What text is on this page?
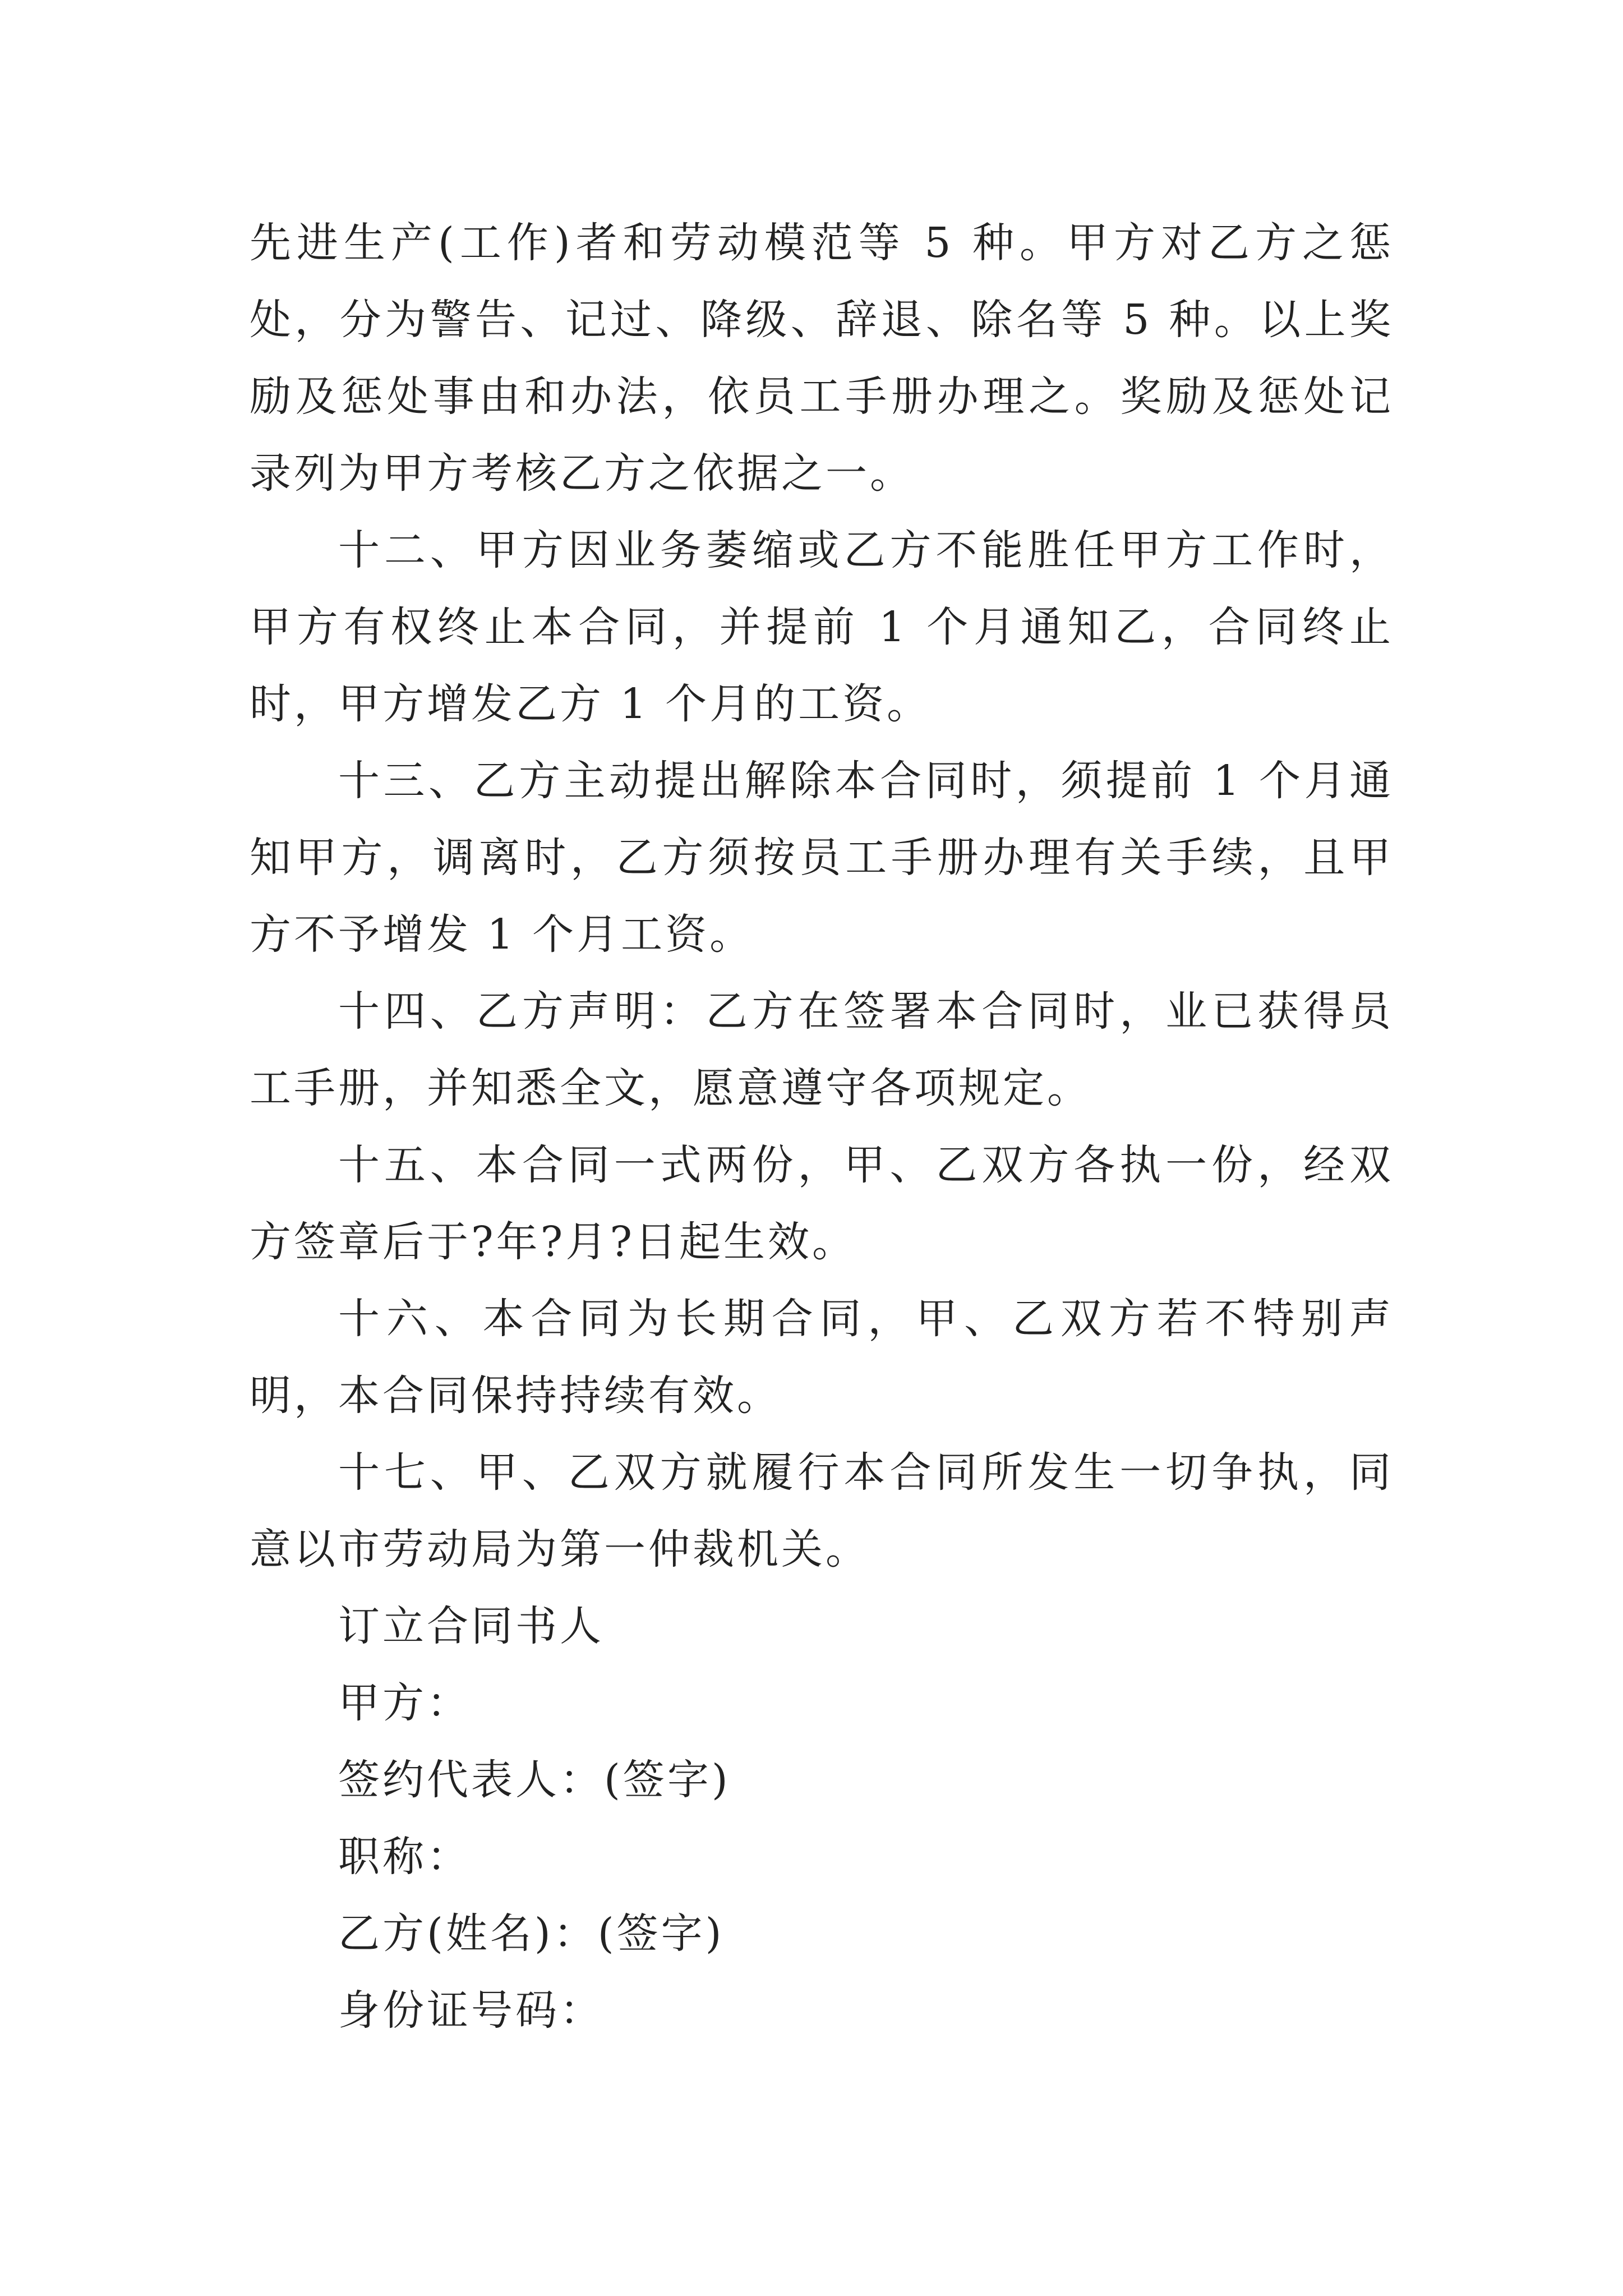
先进生产(工作)者和劳动模范等 5 种。甲方对乙方之惩处，分为警告、记过、降级、辞退、除名等 5 种。以上奖励及惩处事由和办法，依员工手册办理之。奖励及惩处记录列为甲方考核乙方之依据之一。

十二、甲方因业务萎缩或乙方不能胜任甲方工作时，甲方有权终止本合同，并提前 1 个月通知乙，合同终止时，甲方增发乙方 1 个月的工资。

十三、乙方主动提出解除本合同时，须提前 1 个月通知甲方，调离时，乙方须按员工手册办理有关手续，且甲方不予增发 1 个月工资。

十四、乙方声明：乙方在签署本合同时，业已获得员工手册，并知悉全文，愿意遵守各项规定。

十五、本合同一式两份，甲、乙双方各执一份，经双方签章后于?年?月?日起生效。

十六、本合同为长期合同，甲、乙双方若不特别声明，本合同保持持续有效。

十七、甲、乙双方就履行本合同所发生一切争执，同意以市劳动局为第一仲裁机关。

订立合同书人

甲方：

签约代表人：(签字)

职称：

乙方(姓名)：(签字)

身份证号码：
